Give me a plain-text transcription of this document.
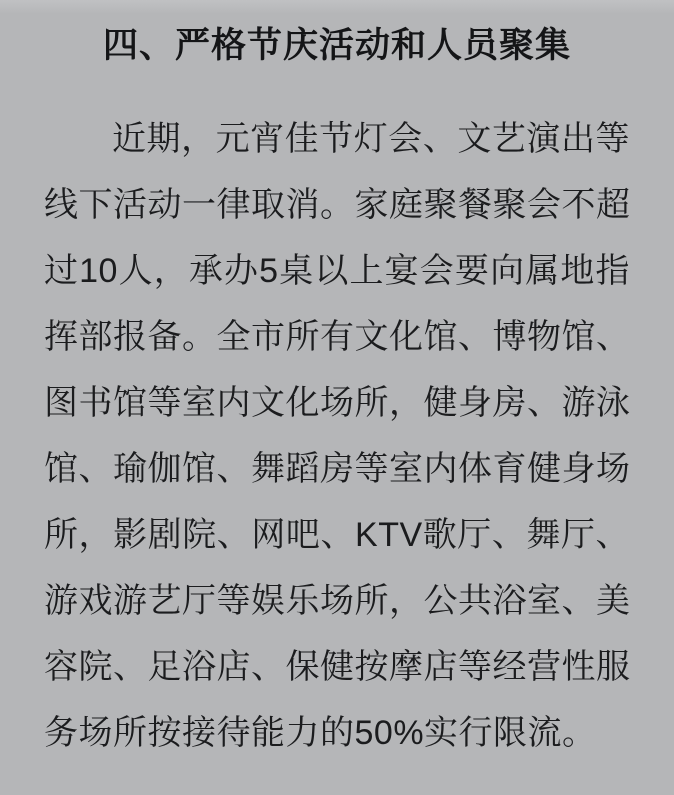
四、严格节庆活动和人员聚集
近期，元宵佳节灯会、文艺演出等
线下活动一律取消。家庭聚餐聚会不超
过10人，承办5桌以上宴会要向属地指
挥部报备。全市所有文化馆、博物馆、
图书馆等室内文化场所，健身房、游泳
馆、瑜伽馆、舞蹈房等室内体育健身场
所，影剧院、网吧、KTV歌厅、舞厅、
游戏游艺厅等娱乐场所，公共浴室、美
容院、足浴店、保健按摩店等经营性服
务场所按接待能力的50%实行限流。
